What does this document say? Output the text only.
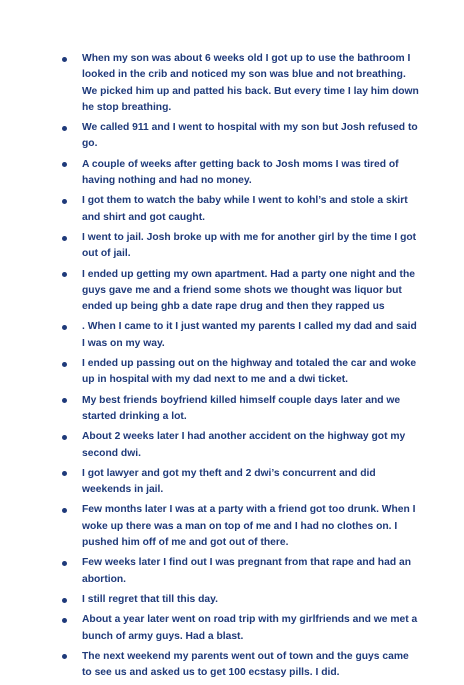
When my son was about 6 weeks old I got up to use the bathroom I looked in the crib and noticed my son was blue and not breathing. We picked him up and patted his back. But every time I lay him down he stop breathing.
We called 911 and I went to hospital with my son but Josh refused to go.
A couple of weeks after getting back to Josh moms I was tired of having nothing and had no money.
I got them to watch the baby while I went to kohl’s and stole a skirt and shirt and got caught.
I went to jail. Josh broke up with me for another girl by the time I got out of jail.
I ended up getting my own apartment. Had a party one night and the guys gave me and a friend some shots we thought was liquor but ended up being ghb a date rape drug and then they rapped us
. When I came to it I just wanted my parents I called my dad and said I was on my way.
I ended up passing out on the highway and totaled the car and woke up in hospital with my dad next to me and a dwi ticket.
My best friends boyfriend killed himself couple days later and we started drinking a lot.
About 2 weeks later I had another accident on the highway got my second dwi.
I got lawyer and got my theft and 2 dwi’s concurrent and did weekends in jail.
Few months later I was at a party with a friend got too drunk. When I woke up there was a man on top of me and I had no clothes on. I pushed him off of me and got out of there.
Few weeks later I find out I was pregnant from that rape and had an abortion.
I still regret that till this day.
About a year later went on road trip with my girlfriends and we met a bunch of army guys. Had a blast.
The next weekend my parents went out of town and the guys came to see us and asked us to get 100 ecstasy pills. I did.
